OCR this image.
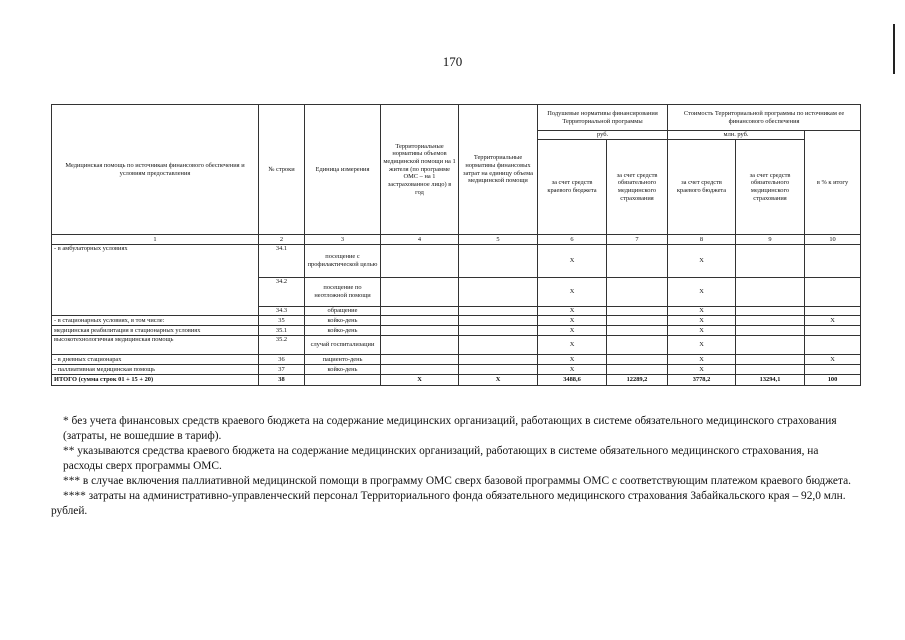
170
Медицинская помощь по источникам финансового обеспечения и условиям предоставления	№ строки	Единица измерения	Территориальные нормативы объемов медицинской помощи на 1 жителя (по программе ОМС – на 1 застрахованное лицо) в год	Территориальные нормативы финансовых затрат на единицу объема медицинской помощи	Подушевые нормативы финансирования Территориальной программы		Стоимость Территориальной программы по источникам ее финансового обеспечения		
					руб.		млн. руб.		в % к итогу
					за счет средств краевого бюджета	за счет средств обязательного медицинского страхования	за счет средств краевого бюджета	за счет средств обязательного медицинского страхования	
1	2	3	4	5	6	7	8	9	10
- в амбулаторных условиях	34.1	посещение с профилактической целью			X		X		
	34.2	посещение по неотложной помощи			X		X		
	34.3	обращение			X		X		
- в стационарных условиях, в том числе:	35	койко-день			X		X		X
медицинская реабилитация в стационарных условиях	35.1	койко-день			X		X		
высокотехнологичная медицинская помощь	35.2	случай госпитализации			X		X		
- в дневных стационарах	36	пациенто-день			X		X		X
- паллиативная медицинская помощь	37	койко-день			X		X		
ИТОГО (сумма строк 01 + 15 + 20)	38		X	X	3488,6	12289,2	3778,2	13294,1	100

* без учета финансовых средств краевого бюджета на содержание медицинских организаций, работающих в системе обязательного медицинского страхования (затраты, не вошедшие в тариф).

** указываются средства краевого бюджета на содержание медицинских организаций, работающих в системе обязательного медицинского страхования, на расходы сверх программы ОМС.

*** в случае включения паллиативной медицинской помощи в программу ОМС сверх базовой программы ОМС с соответствующим платежом краевого бюджета.

**** затраты на административно-управленческий персонал Территориального фонда обязательного медицинского страхования Забайкальского края – 92,0 млн. рублей.
